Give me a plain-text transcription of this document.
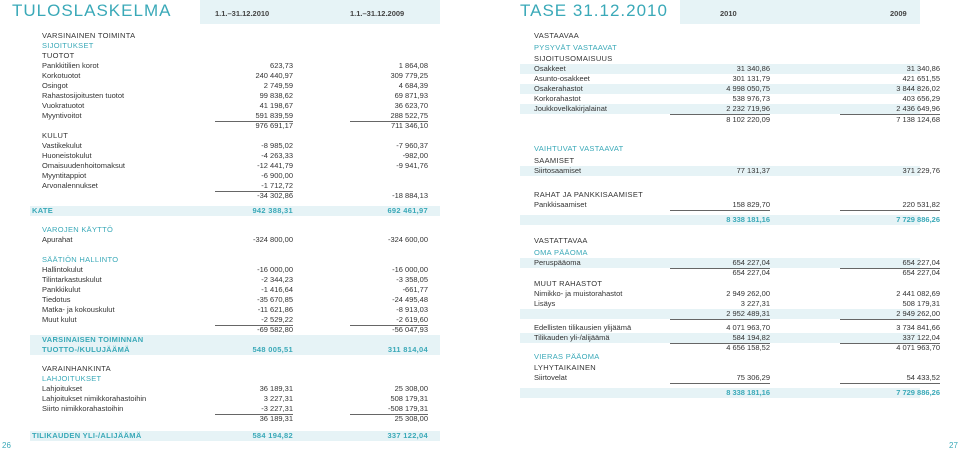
TULOSLASKELMA	1.1.–31.12.2010	1.1.–31.12.2009
VARSINAINEN TOIMINTA
SIJOITUKSET
TUOTOT
Pankkitilien korot	623,73	1 864,08
Korkotuotot	240 440,97	309 779,25
Osingot	2 749,59	4 684,39
Rahastosijoitusten tuotot	99 838,62	69 871,93
Vuokratuotot	41 198,67	36 623,70
Myyntivoitot	591 839,59	288 522,75
976 691,17	711 346,10
KULUT
Vastikekulut	-8 985,02	-7 960,37
Huoneistokulut	-4 263,33	-982,00
Omaisuudenhoitomaksut	-12 441,79	-9 941,76
Myyntitappiot	-6 900,00
Arvonalennukset	-1 712,72
-34 302,86	-18 884,13
KATE	942 388,31	692 461,97
VAROJEN KÄYTTÖ
Apurahat	-324 800,00	-324 600,00
SÄÄTIÖN HALLINTO
Hallintokulut	-16 000,00	-16 000,00
Tilintarkastuskulut	-2 344,23	-3 358,05
Pankkikulut	-1 416,64	-661,77
Tiedotus	-35 670,85	-24 495,48
Matka- ja kokouskulut	-11 621,86	-8 913,03
Muut kulut	-2 529,22	-2 619,60
-69 582,80	-56 047,93
VARSINAISEN TOIMINNAN
TUOTTO-/KULUJÄÄMÄ	548 005,51	311 814,04
VARAINHANKINTA
LAHJOITUKSET
Lahjoitukset	36 189,31	25 308,00
Lahjoitukset nimikkorahastoihin	3 227,31	508 179,31
Siirto nimikkorahastoihin	-3 227,31	-508 179,31
36 189,31	25 308,00
TILIKAUDEN YLI-/ALIJÄÄMÄ	584 194,82	337 122,04
26
TASE 31.12.2010	2010	2009
VASTAAVAA
PYSYVÄT VASTAAVAT
SIJOITUSOMAISUUS
Osakkeet	31 340,86	31 340,86
Asunto-osakkeet	301 131,79	421 651,55
Osakerahastot	4 998 050,75	3 844 826,02
Korkorahastot	538 976,73	403 656,29
Joukkovelkakirjalainat	2 232 719,96	2 436 649,96
8 102 220,09	7 138 124,68
VAIHTUVAT VASTAAVAT
SAAMISET
Siirtosaamiset	77 131,37	371 229,76
RAHAT JA PANKKISAAMISET
Pankkisaamiset	158 829,70	220 531,82
8 338 181,16	7 729 886,26
VASTATTAVAA
OMA PÄÄOMA
Peruspääoma	654 227,04	654 227,04
654 227,04	654 227,04
MUUT RAHASTOT
Nimikko- ja muistorahastot	2 949 262,00	2 441 082,69
Lisäys	3 227,31	508 179,31
2 952 489,31	2 949 262,00
Edellisten tilikausien ylijäämä	4 071 963,70	3 734 841,66
Tilikauden yli-/alijäämä	584 194,82	337 122,04
4 656 158,52	4 071 963,70
VIERAS PÄÄOMA
LYHYTAIKAINEN
Siirtovelat	75 306,29	54 433,52
8 338 181,16	7 729 886,26
27
